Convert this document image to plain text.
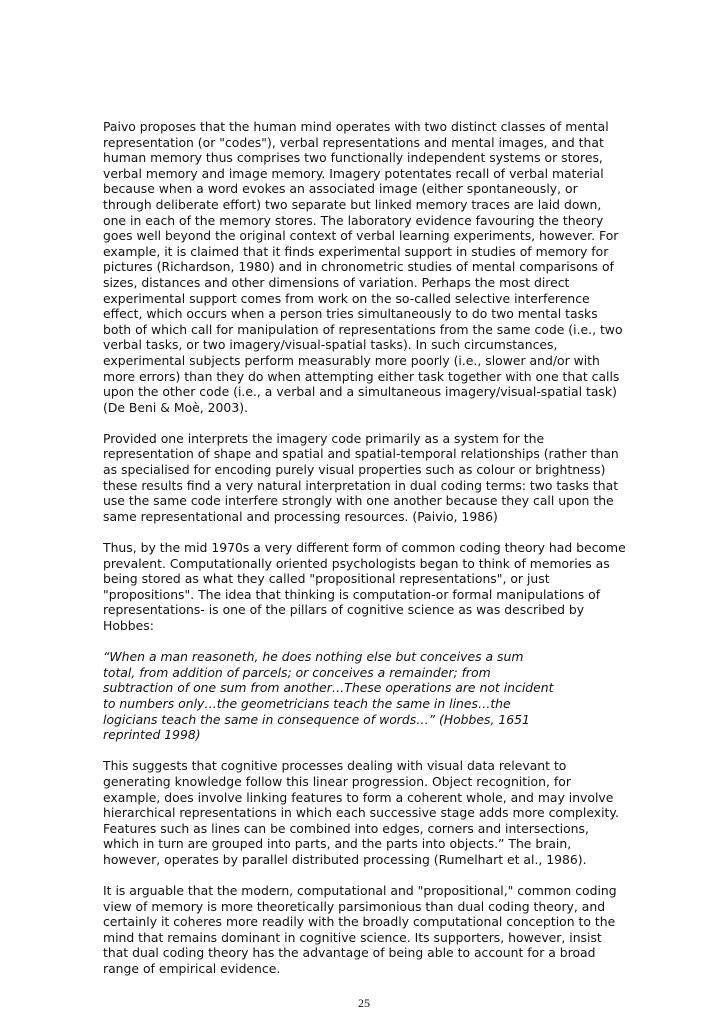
Paivo proposes that the human mind operates with two distinct classes of mental
representation (or "codes"), verbal representations and mental images, and that
human memory thus comprises two functionally independent systems or stores,
verbal memory and image memory. Imagery potentates recall of verbal material
because when a word evokes an associated image (either spontaneously, or
through deliberate effort) two separate but linked memory traces are laid down,
one in each of the memory stores. The laboratory evidence favouring the theory
goes well beyond the original context of verbal learning experiments, however. For
example, it is claimed that it finds experimental support in studies of memory for
pictures (Richardson, 1980) and in chronometric studies of mental comparisons of
sizes, distances and other dimensions of variation. Perhaps the most direct
experimental support comes from work on the so-called selective interference
effect, which occurs when a person tries simultaneously to do two mental tasks
both of which call for manipulation of representations from the same code (i.e., two
verbal tasks, or two imagery/visual-spatial tasks). In such circumstances,
experimental subjects perform measurably more poorly (i.e., slower and/or with
more errors) than they do when attempting either task together with one that calls
upon the other code (i.e., a verbal and a simultaneous imagery/visual-spatial task)
(De Beni & Moè, 2003).

Provided one interprets the imagery code primarily as a system for the
representation of shape and spatial and spatial-temporal relationships (rather than
as specialised for encoding purely visual properties such as colour or brightness)
these results find a very natural interpretation in dual coding terms: two tasks that
use the same code interfere strongly with one another because they call upon the
same representational and processing resources. (Paivio, 1986)

Thus, by the mid 1970s a very different form of common coding theory had become
prevalent. Computationally oriented psychologists began to think of memories as
being stored as what they called "propositional representations", or just
"propositions". The idea that thinking is computation-or formal manipulations of
representations- is one of the pillars of cognitive science as was described by
Hobbes:

“When a man reasoneth, he does nothing else but conceives a sum
total, from addition of parcels; or conceives a remainder; from
subtraction of one sum from another…These operations are not incident
to numbers only…the geometricians teach the same in lines…the
logicians teach the same in consequence of words…” (Hobbes, 1651
reprinted 1998)

This suggests that cognitive processes dealing with visual data relevant to
generating knowledge follow this linear progression. Object recognition, for
example, does involve linking features to form a coherent whole, and may involve
hierarchical representations in which each successive stage adds more complexity.
Features such as lines can be combined into edges, corners and intersections,
which in turn are grouped into parts, and the parts into objects.” The brain,
however, operates by parallel distributed processing (Rumelhart et al., 1986).

It is arguable that the modern, computational and "propositional," common coding
view of memory is more theoretically parsimonious than dual coding theory, and
certainly it coheres more readily with the broadly computational conception to the
mind that remains dominant in cognitive science. Its supporters, however, insist
that dual coding theory has the advantage of being able to account for a broad
range of empirical evidence.

25
